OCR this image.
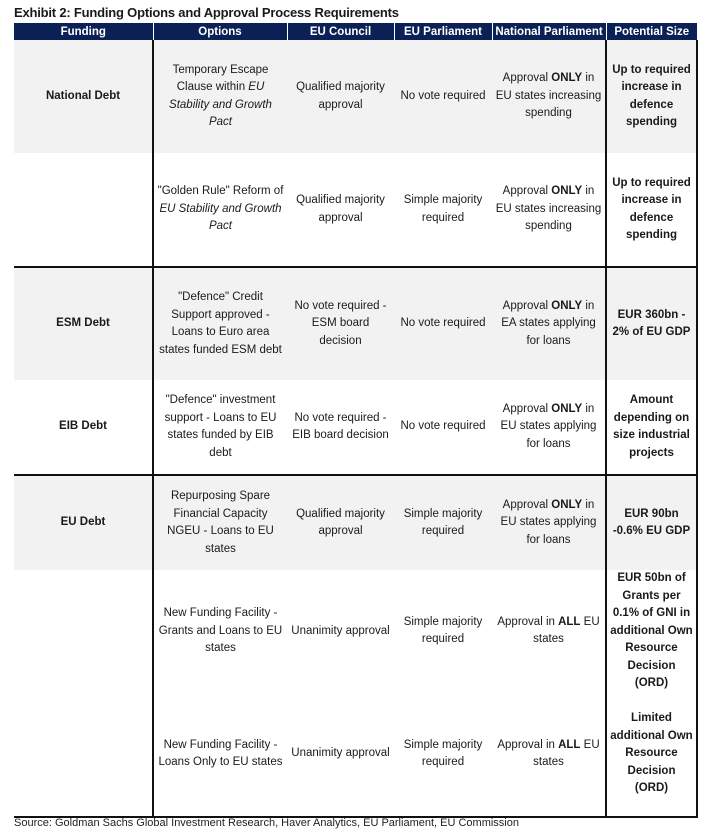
Exhibit 2: Funding Options and Approval Process Requirements
Funding	Options	EU Council	EU Parliament	National Parliament	Potential Size
National Debt	Temporary Escape Clause within EU Stability and Growth Pact	Qualified majority approval	No vote required	Approval ONLY in EU states increasing spending	Up to required increase in defence spending
	"Golden Rule" Reform of EU Stability and Growth Pact	Qualified majority approval	Simple majority required	Approval ONLY in EU states increasing spending	Up to required increase in defence spending
ESM Debt	"Defence" Credit Support approved - Loans to Euro area states funded ESM debt	No vote required - ESM board decision	No vote required	Approval ONLY in EA states applying for loans	EUR 360bn - 2% of EU GDP
EIB Debt	"Defence" investment support - Loans to EU states funded by EIB debt	No vote required - EIB board decision	No vote required	Approval ONLY in EU states applying for loans	Amount depending on size industrial projects
EU Debt	Repurposing Spare Financial Capacity NGEU - Loans to EU states	Qualified majority approval	Simple majority required	Approval ONLY in EU states applying for loans	EUR 90bn -0.6% EU GDP
	New Funding Facility - Grants and Loans to EU states	Unanimity approval	Simple majority required	Approval in ALL EU states	EUR 50bn of Grants per 0.1% of GNI in additional Own Resource Decision (ORD)
	New Funding Facility - Loans Only to EU states	Unanimity approval	Simple majority required	Approval in ALL EU states	Limited additional Own Resource Decision (ORD)
Source: Goldman Sachs Global Investment Research, Haver Analytics, EU Parliament, EU Commission
